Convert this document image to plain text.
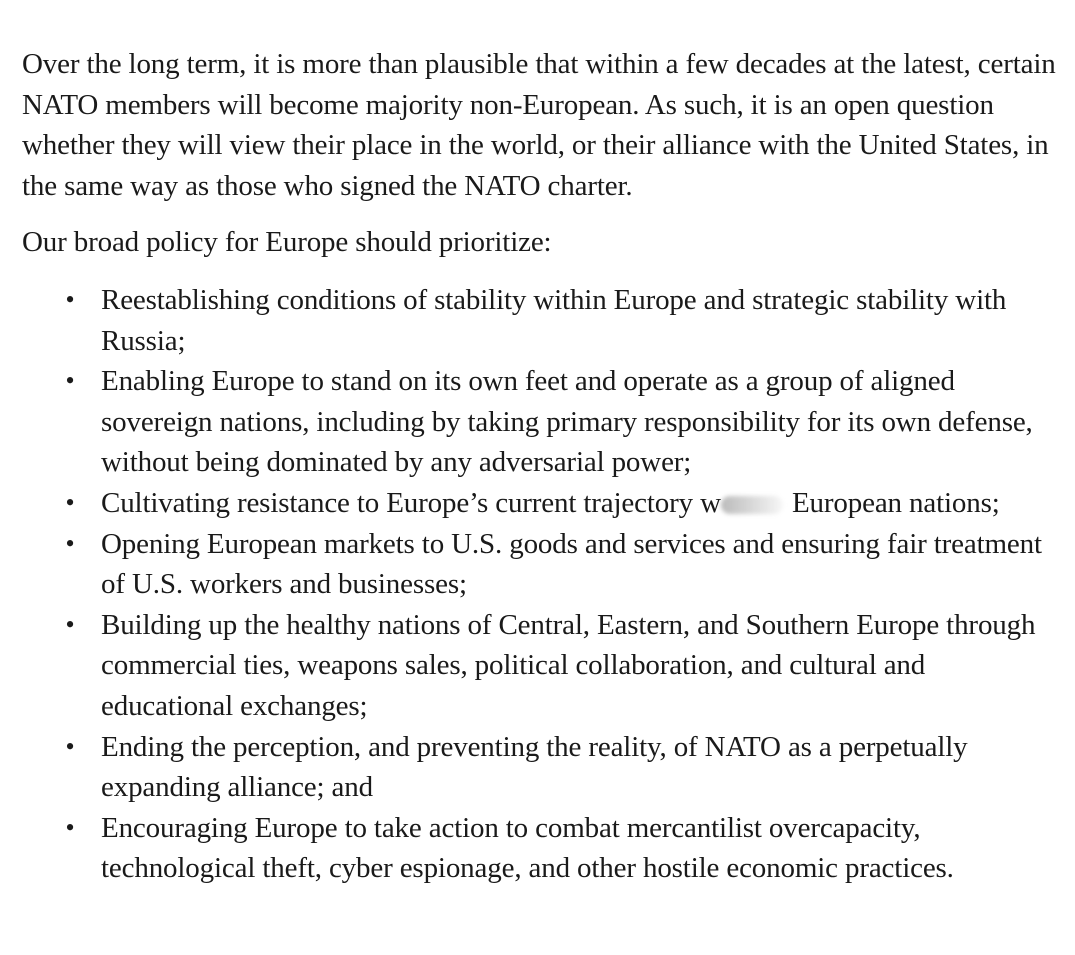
Over the long term, it is more than plausible that within a few decades at the latest, certain NATO members will become majority non-European. As such, it is an open question whether they will view their place in the world, or their alliance with the United States, in the same way as those who signed the NATO charter.

Our broad policy for Europe should prioritize:

• Reestablishing conditions of stability within Europe and strategic stability with Russia;
• Enabling Europe to stand on its own feet and operate as a group of aligned sovereign nations, including by taking primary responsibility for its own defense, without being dominated by any adversarial power;
• Cultivating resistance to Europe’s current trajectory w European nations;
• Opening European markets to U.S. goods and services and ensuring fair treatment of U.S. workers and businesses;
• Building up the healthy nations of Central, Eastern, and Southern Europe through commercial ties, weapons sales, political collaboration, and cultural and educational exchanges;
• Ending the perception, and preventing the reality, of NATO as a perpetually expanding alliance; and
• Encouraging Europe to take action to combat mercantilist overcapacity, technological theft, cyber espionage, and other hostile economic practices.
